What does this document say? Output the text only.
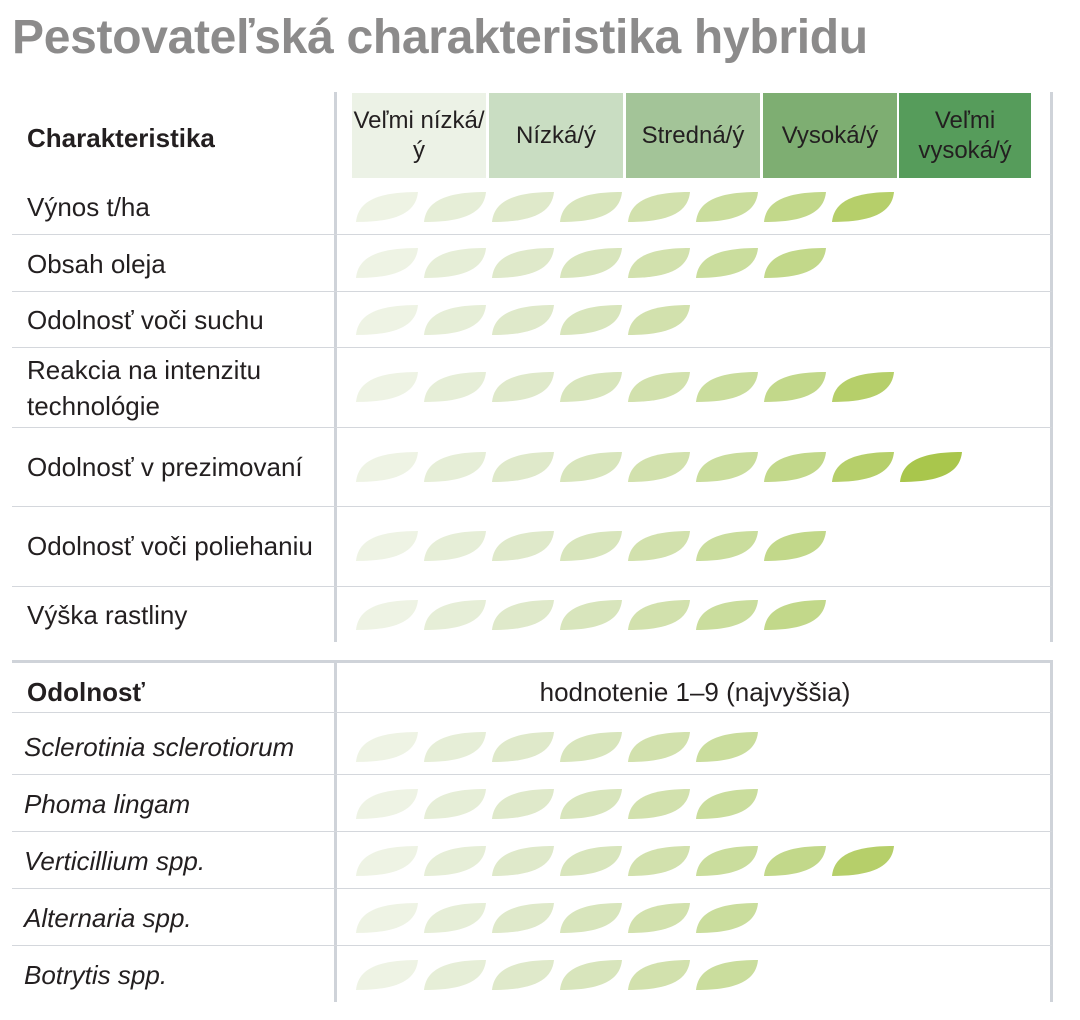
Pestovateľská charakteristika hybridu
Veľmi nízká/ý
Nízká/ý Stredná/ý Vysoká/ý
Veľmi vysoká/ý
Charakteristika
Odolnosť	hodnotenie 1–9 (najvyššia)
Výnos t/ha
Obsah oleja
Odolnosť voči suchu
Reakcia na intenzitu technológie
Odolnosť v prezimovaní
Odolnosť voči poliehaniu
Výška rastliny
Sclerotinia sclerotiorum
Phoma lingam
Verticillium spp.
Alternaria spp.
Botrytis spp.
